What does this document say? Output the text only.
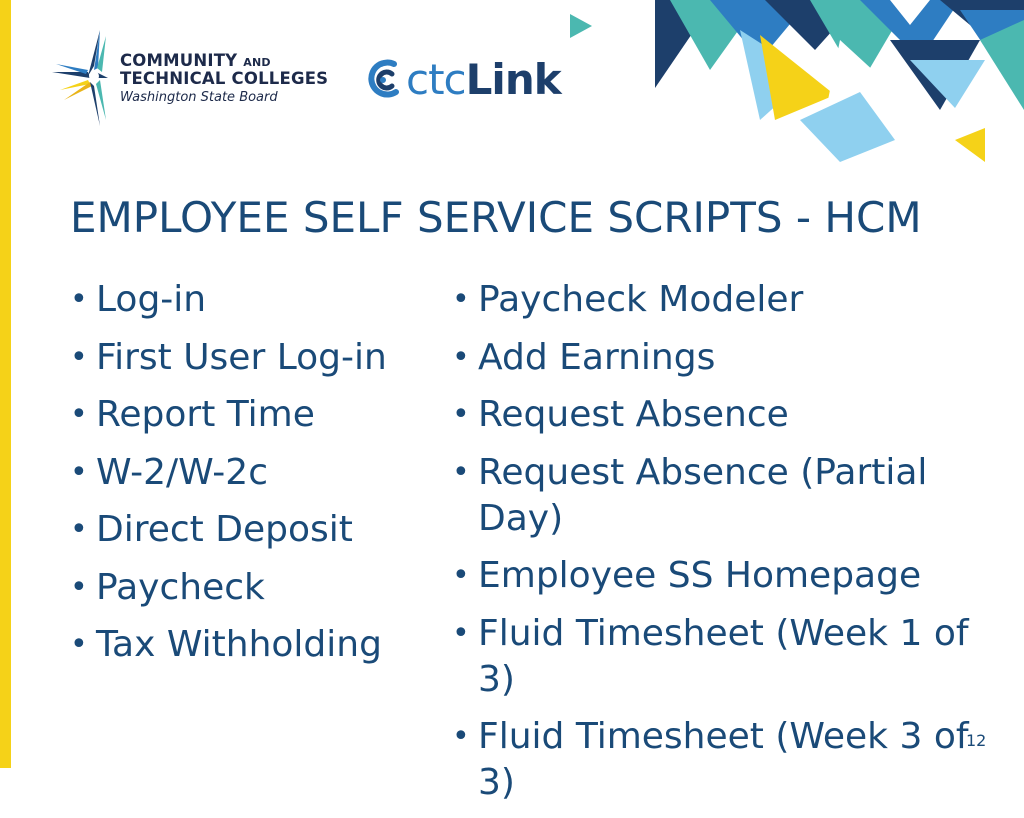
COMMUNITY AND
TECHNICAL COLLEGES
Washington State Board	ctcLink
EMPLOYEE SELF SERVICE SCRIPTS - HCM
• Log-in
• First User Log-in
• Report Time
• W-2/W-2c
• Direct Deposit
• Paycheck
• Tax Withholding
• Paycheck Modeler
• Add Earnings
• Request Absence
• Request Absence (Partial Day)
• Employee SS Homepage
• Fluid Timesheet (Week 1 of 3)
• Fluid Timesheet (Week 3 of 3)
12
